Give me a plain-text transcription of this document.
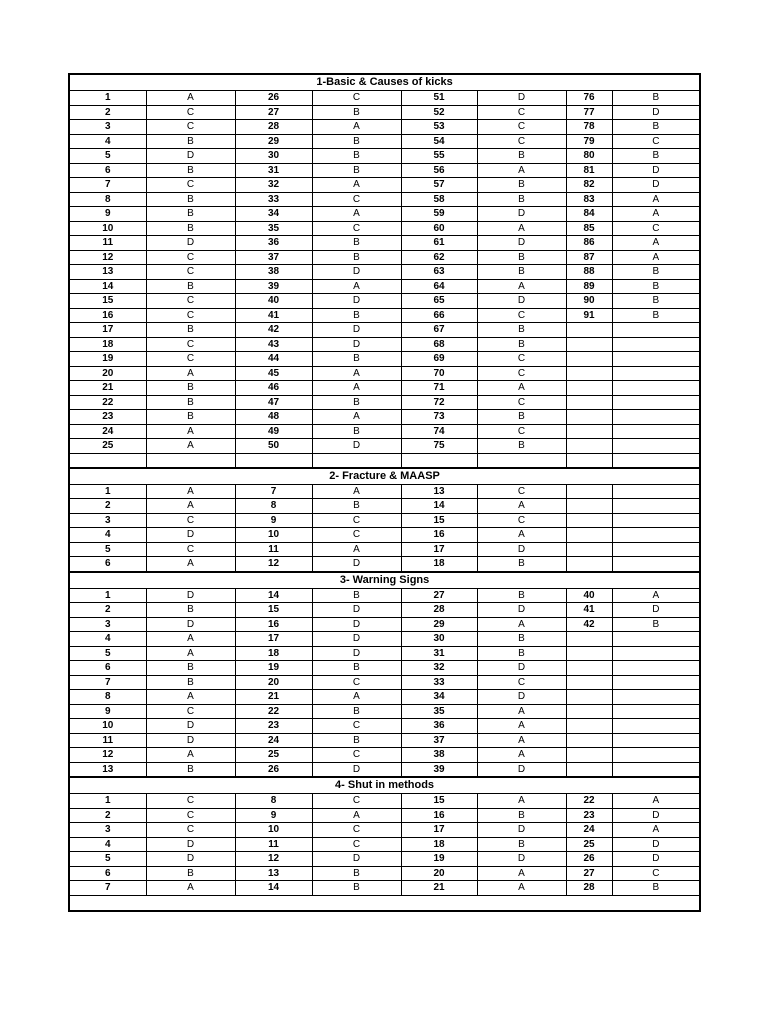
1-Basic & Causes of kicks							
1	A	26	C	51	D	76	B
2	C	27	B	52	C	77	D
3	C	28	A	53	C	78	B
4	B	29	B	54	C	79	C
5	D	30	B	55	B	80	B
6	B	31	B	56	A	81	D
7	C	32	A	57	B	82	D
8	B	33	C	58	B	83	A
9	B	34	A	59	D	84	A
10	B	35	C	60	A	85	C
11	D	36	B	61	D	86	A
12	C	37	B	62	B	87	A
13	C	38	D	63	B	88	B
14	B	39	A	64	A	89	B
15	C	40	D	65	D	90	B
16	C	41	B	66	C	91	B
17	B	42	D	67	B		
18	C	43	D	68	B		
19	C	44	B	69	C		
20	A	45	A	70	C		
21	B	46	A	71	A		
22	B	47	B	72	C		
23	B	48	A	73	B		
24	A	49	B	74	C		
25	A	50	D	75	B		

2- Fracture & MAASP							
1	A	7	A	13	C		
2	A	8	B	14	A		
3	C	9	C	15	C		
4	D	10	C	16	A		
5	C	11	A	17	D		
6	A	12	D	18	B		
3- Warning Signs							
1	D	14	B	27	B	40	A
2	B	15	D	28	D	41	D
3	D	16	D	29	A	42	B
4	A	17	D	30	B		
5	A	18	D	31	B		
6	B	19	B	32	D		
7	B	20	C	33	C		
8	A	21	A	34	D		
9	C	22	B	35	A		
10	D	23	C	36	A		
11	D	24	B	37	A		
12	A	25	C	38	A		
13	B	26	D	39	D		
4- Shut in methods							
1	C	8	C	15	A	22	A
2	C	9	A	16	B	23	D
3	C	10	C	17	D	24	A
4	D	11	C	18	B	25	D
5	D	12	D	19	D	26	D
6	B	13	B	20	A	27	C
7	A	14	B	21	A	28	B
